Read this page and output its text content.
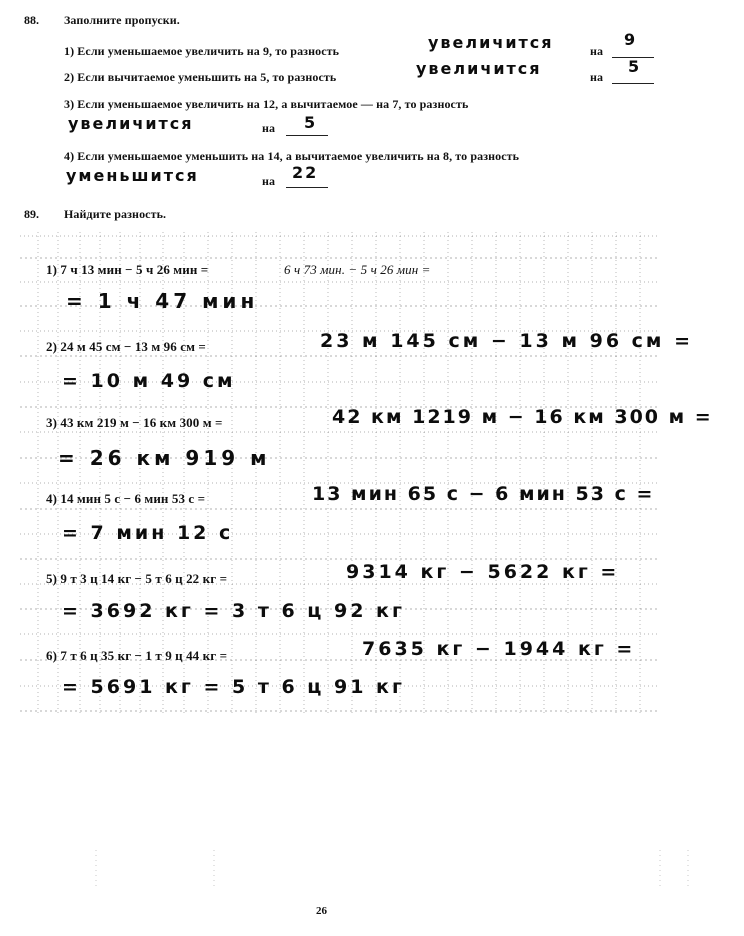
88. Заполните пропуски.
1) Если уменьшаемое увеличить на 9, то разность	увеличится	на
9
2) Если вычитаемое уменьшить на 5, то разность	увеличится	на
5
3) Если уменьшаемое увеличить на 12, а вычитаемое — на 7, то разность
увеличится	на 5
4) Если уменьшаемое уменьшить на 14, а вычитаемое увеличить на 8, то разность
уменьшится	на 22
89. Найдите разность.
1) 7 ч 13 мин − 5 ч 26 мин =	6 ч 73 мин. − 5 ч 26 мин =
= 1 ч 47 мин
2) 24 м 45 см − 13 м 96 см =	23 м 145 см − 13 м 96 см =
= 10 м 49 см
3) 43 км 219 м − 16 км 300 м =	42 км 1219 м − 16 км 300 м =
= 26 км 919 м
4) 14 мин 5 с − 6 мин 53 с =	13 мин 65 с − 6 мин 53 с =
= 7 мин 12 с
5) 9 т 3 ц 14 кг − 5 т 6 ц 22 кг =	9314 кг − 5622 кг =
= 3692 кг = 3 т 6 ц 92 кг
6) 7 т 6 ц 35 кг − 1 т 9 ц 44 кг =	7635 кг − 1944 кг =
= 5691 кг = 5 т 6 ц 91 кг
26
